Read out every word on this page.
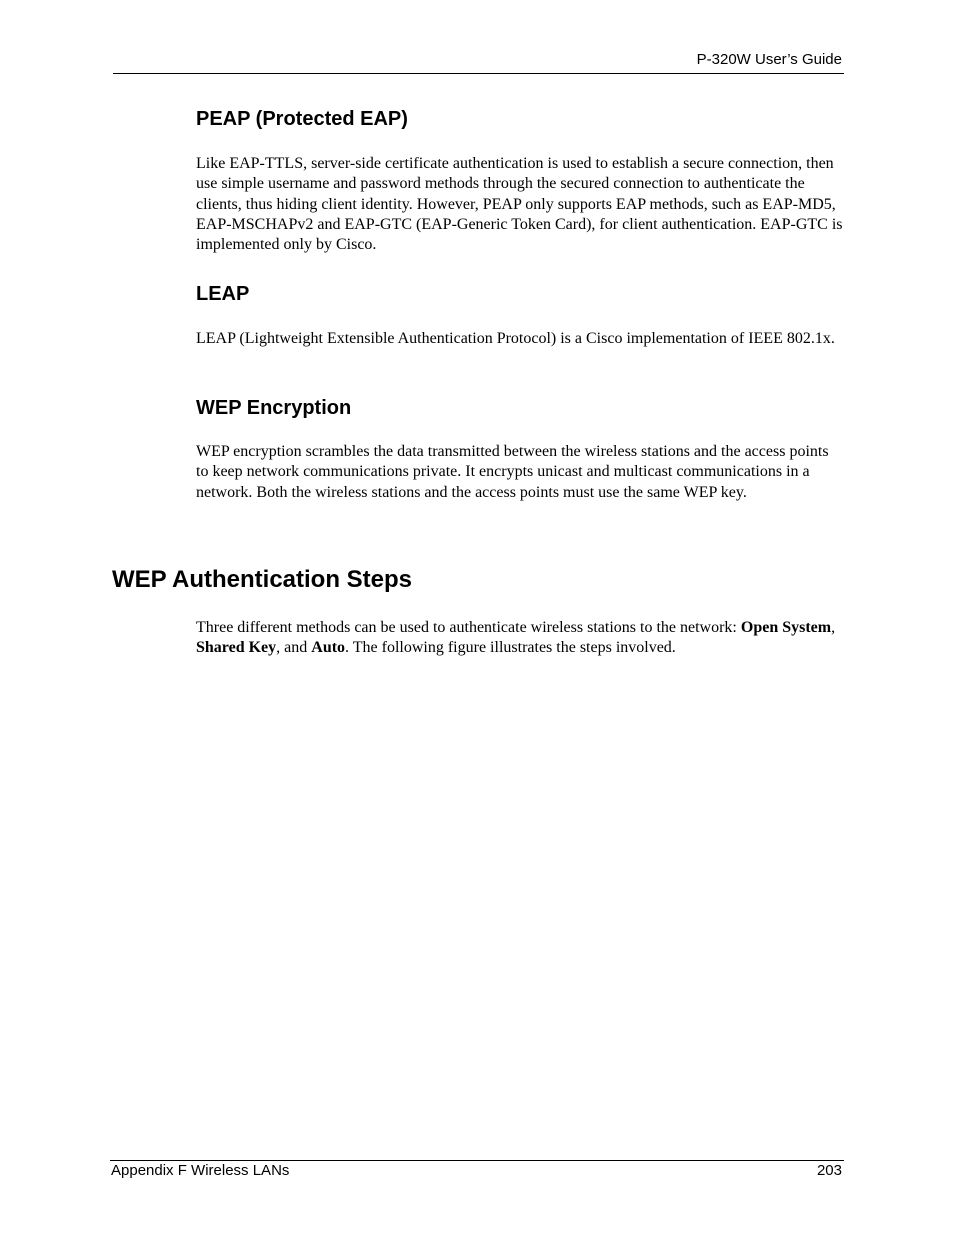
P-320W User’s Guide
PEAP (Protected EAP)

Like EAP-TTLS, server-side certificate authentication is used to establish a secure connection, then use simple username and password methods through the secured connection to authenticate the clients, thus hiding client identity. However, PEAP only supports EAP methods, such as EAP-MD5, EAP-MSCHAPv2 and EAP-GTC (EAP-Generic Token Card), for client authentication. EAP-GTC is implemented only by Cisco.

LEAP

LEAP (Lightweight Extensible Authentication Protocol) is a Cisco implementation of IEEE 802.1x.

WEP Encryption

WEP encryption scrambles the data transmitted between the wireless stations and the access points to keep network communications private. It encrypts unicast and multicast communications in a network. Both the wireless stations and the access points must use the same WEP key.

WEP Authentication Steps

Three different methods can be used to authenticate wireless stations to the network: Open System, Shared Key, and Auto. The following figure illustrates the steps involved.

Appendix F Wireless LANs	203
